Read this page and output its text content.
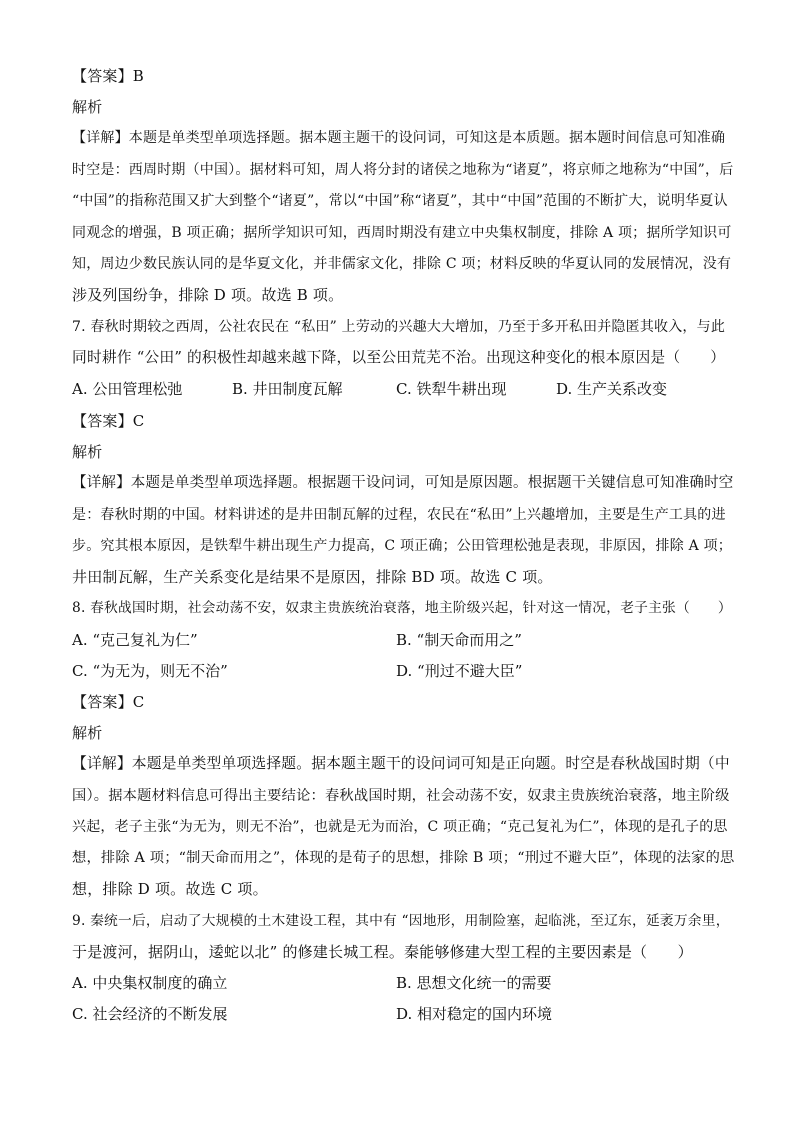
【答案】B
解析
【详解】本题是单类型单项选择题。据本题主题干的设问词，可知这是本质题。据本题时间信息可知准确
时空是：西周时期（中国）。据材料可知，周人将分封的诸侯之地称为“诸夏”，将京师之地称为“中国”，后
“中国”的指称范围又扩大到整个“诸夏”，常以“中国”称“诸夏”，其中“中国”范围的不断扩大，说明华夏认
同观念的增强，B 项正确；据所学知识可知，西周时期没有建立中央集权制度，排除 A 项；据所学知识可
知，周边少数民族认同的是华夏文化，并非儒家文化，排除 C 项；材料反映的华夏认同的发展情况，没有
涉及列国纷争，排除 D 项。故选 B 项。
7. 春秋时期较之西周，公社农民在 “私田” 上劳动的兴趣大大增加，乃至于多开私田并隐匿其收入，与此
同时耕作 “公田” 的积极性却越来越下降，以至公田荒芜不治。出现这种变化的根本原因是（　　）
A. 公田管理松弛	B. 井田制度瓦解	C. 铁犁牛耕出现	D. 生产关系改变
【答案】C
解析
【详解】本题是单类型单项选择题。根据题干设问词，可知是原因题。根据题干关键信息可知准确时空
是：春秋时期的中国。材料讲述的是井田制瓦解的过程，农民在“私田”上兴趣增加，主要是生产工具的进
步。究其根本原因，是铁犁牛耕出现生产力提高，C 项正确；公田管理松弛是表现，非原因，排除 A 项；
井田制瓦解，生产关系变化是结果不是原因，排除 BD 项。故选 C 项。
8. 春秋战国时期，社会动荡不安，奴隶主贵族统治衰落，地主阶级兴起，针对这一情况，老子主张（　　）
A. “克己复礼为仁”	B. “制天命而用之”
C. “为无为，则无不治”	D. “刑过不避大臣”
【答案】C
解析
【详解】本题是单类型单项选择题。据本题主题干的设问词可知是正向题。时空是春秋战国时期（中
国）。据本题材料信息可得出主要结论：春秋战国时期，社会动荡不安，奴隶主贵族统治衰落，地主阶级
兴起，老子主张“为无为，则无不治”，也就是无为而治，C 项正确；“克己复礼为仁”，体现的是孔子的思
想，排除 A 项；“制天命而用之”，体现的是荀子的思想，排除 B 项；“刑过不避大臣”，体现的法家的思
想，排除 D 项。故选 C 项。
9. 秦统一后，启动了大规模的土木建设工程，其中有 “因地形，用制险塞，起临洮，至辽东，延袤万余里，
于是渡河，据阴山，逶蛇以北” 的修建长城工程。秦能够修建大型工程的主要因素是（　　）
A. 中央集权制度的确立	B. 思想文化统一的需要
C. 社会经济的不断发展	D. 相对稳定的国内环境
